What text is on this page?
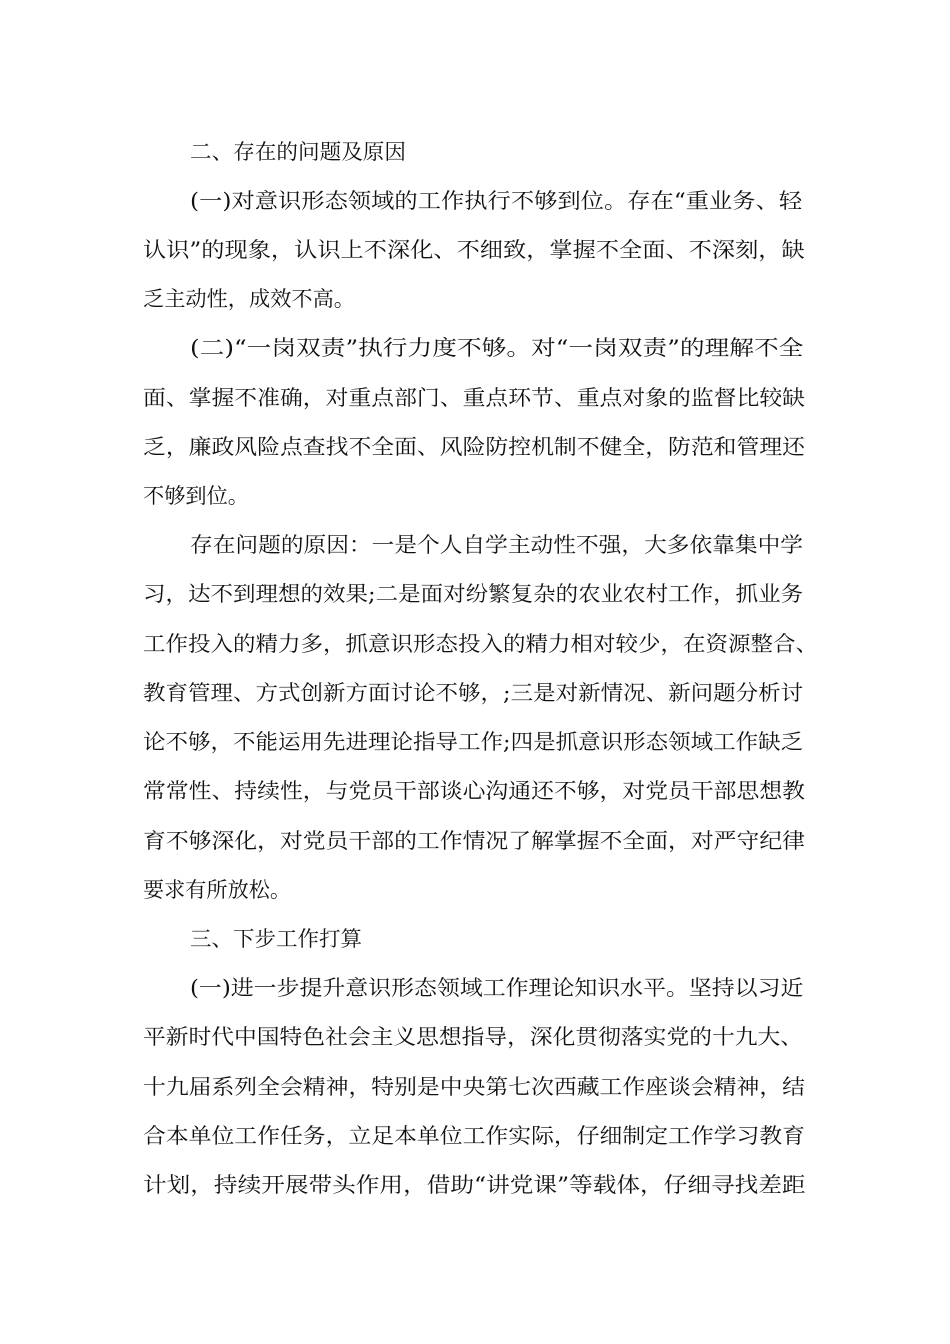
二、存在的问题及原因
(一)对意识形态领域的工作执行不够到位。存在“重业务、轻
认识”的现象，认识上不深化、不细致，掌握不全面、不深刻，缺
乏主动性，成效不高。
(二)“一岗双责”执行力度不够。对“一岗双责”的理解不全
面、掌握不准确，对重点部门、重点环节、重点对象的监督比较缺
乏，廉政风险点查找不全面、风险防控机制不健全，防范和管理还
不够到位。
存在问题的原因：一是个人自学主动性不强，大多依靠集中学
习，达不到理想的效果;二是面对纷繁复杂的农业农村工作，抓业务
工作投入的精力多，抓意识形态投入的精力相对较少，在资源整合、
教育管理、方式创新方面讨论不够，;三是对新情况、新问题分析讨
论不够，不能运用先进理论指导工作;四是抓意识形态领域工作缺乏
常常性、持续性，与党员干部谈心沟通还不够，对党员干部思想教
育不够深化，对党员干部的工作情况了解掌握不全面，对严守纪律
要求有所放松。
三、下步工作打算
(一)进一步提升意识形态领域工作理论知识水平。坚持以习近
平新时代中国特色社会主义思想指导，深化贯彻落实党的十九大、
十九届系列全会精神，特别是中央第七次西藏工作座谈会精神，结
合本单位工作任务，立足本单位工作实际，仔细制定工作学习教育
计划，持续开展带头作用，借助“讲党课”等载体，仔细寻找差距
